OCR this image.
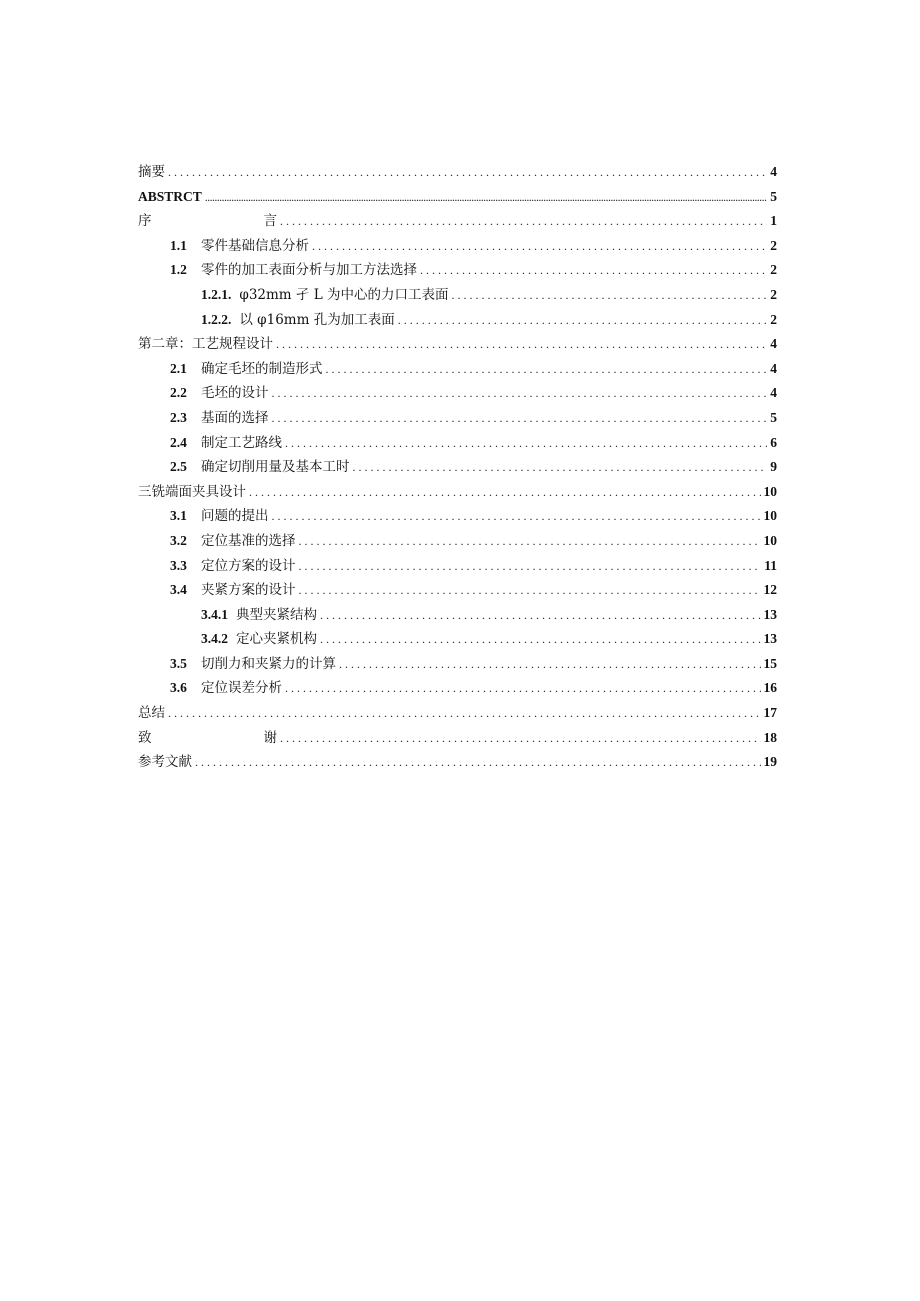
摘要 . . .	4
ABSTRCT .....	5
序	言 . . .	1
1.1	零件基础信息分析 . . .	2
1.2	零件的加工表面分析与加工方法选择 . . .	2
1.2.1. φ32mm 孑 L 为中心的力口工表面 . . .	2
1.2.2. 以 φ16mm 孔为加工表面 . . .	2
第二章：工艺规程设计 . . .	4
2.1	确定毛坯的制造形式 . . .	4
2.2	毛坯的设计 . . .	4
2.3	基面的选择 . . .	5
2.4	制定工艺路线 . . .	6
2.5	确定切削用量及基本工时 . . .	9
三铣端面夹具设计 . . .	10
3.1	问题的提出 . . .	10
3.2	定位基准的选择 . . .	10
3.3	定位方案的设计 . . .	11
3.4	夹紧方案的设计 . . .	12
3.4.1 典型夹紧结构 . . .	13
3.4.2 定心夹紧机构 . . .	13
3.5	切削力和夹紧力的计算 . . .	15
3.6	定位误差分析 . . .	16
总结 . . .	17
致	谢 . . .	18
参考文献 . . .	19
